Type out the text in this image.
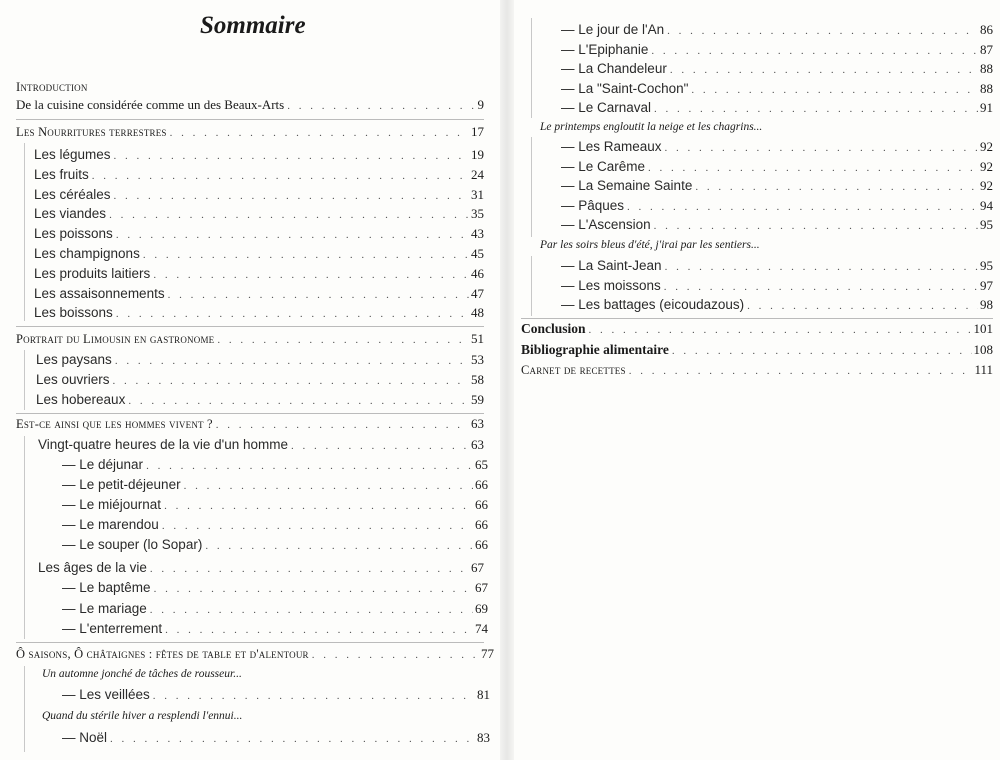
Sommaire
Introduction
De la cuisine considérée comme un des Beaux-Arts . . .	9
Les Nourritures terrestres . . .	17
Les légumes . . .	19
Les fruits . . .	24
Les céréales . . .	31
Les viandes . . .	35
Les poissons . . .	43
Les champignons . . .	45
Les produits laitiers . . .	46
Les assaisonnements . . .	47
Les boissons . . .	48
Portrait du Limousin en gastronome . . .	51
Les paysans . . .	53
Les ouvriers . . .	58
Les hobereaux . . .	59
Est-ce ainsi que les hommes vivent ? . . .	63
Vingt-quatre heures de la vie d'un homme . . .	63
— Le déjunar . . .	65
— Le petit-déjeuner . . .	66
— Le miéjournat . . .	66
— Le marendou . . .	66
— Le souper (lo Sopar) . . .	66
Les âges de la vie . . .	67
— Le baptême . . .	67
— Le mariage . . .	69
— L'enterrement . . .	74
Ô saisons, Ô châtaignes : fêtes de table et d'alentour . . .	77
Un automne jonché de tâches de rousseur...
— Les veillées . . .	81
Quand du stérile hiver a resplendi l'ennui...
— Noël . . .	83
— Le jour de l'An . . .	86
— L'Epiphanie . . .	87
— La Chandeleur . . .	88
— La "Saint-Cochon" . . .	88
— Le Carnaval . . .	91
Le printemps engloutit la neige et les chagrins...
— Les Rameaux . . .	92
— Le Carême . . .	92
— La Semaine Sainte . . .	92
— Pâques . . .	94
— L'Ascension . . .	95
Par les soirs bleus d'été, j'irai par les sentiers...
— La Saint-Jean . . .	95
— Les moissons . . .	97
— Les battages (eicoudazous) . . .	98
Conclusion . . .	101
Bibliographie alimentaire . . .	108
Carnet de recettes . . .	111
